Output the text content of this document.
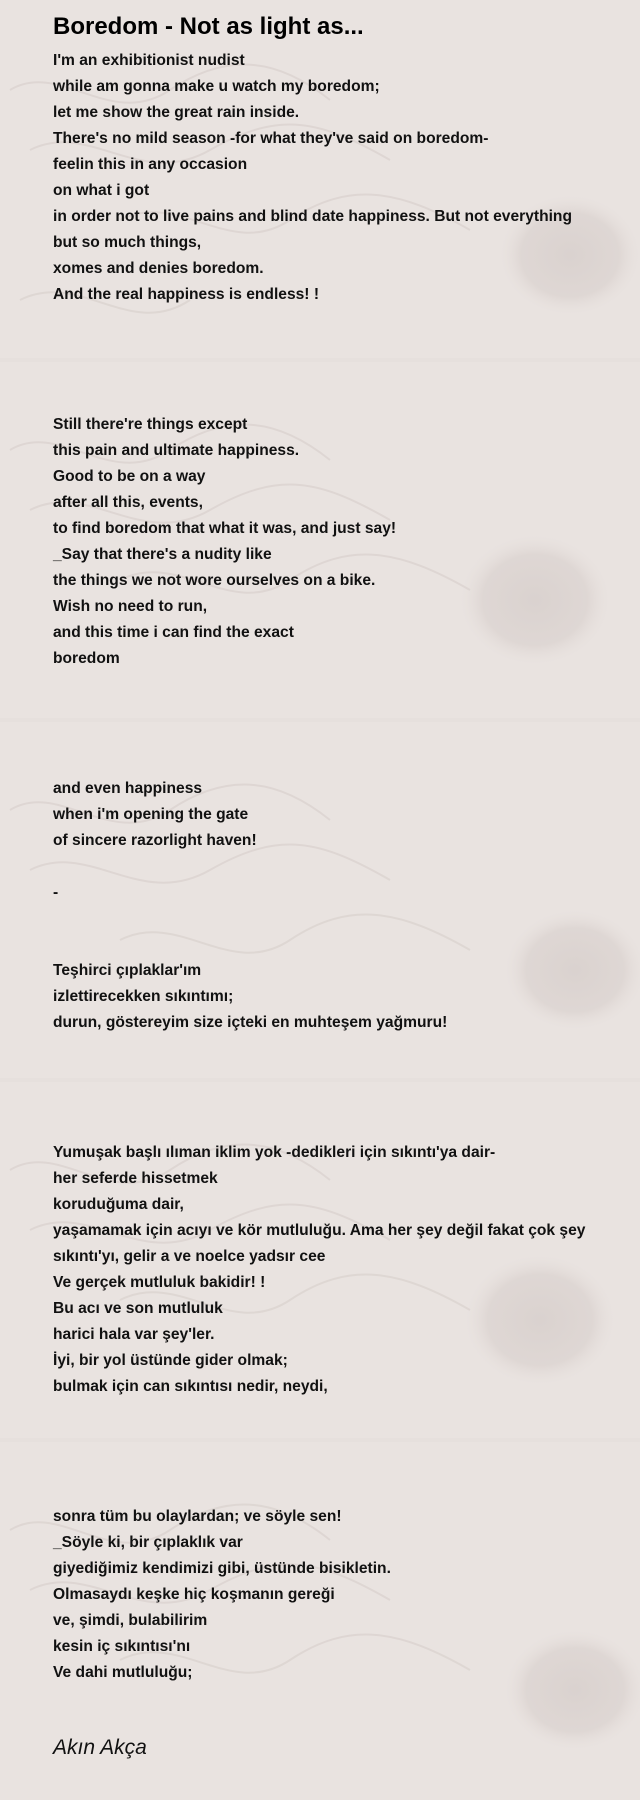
Boredom - Not as light as...
I'm an exhibitionist nudist
while am gonna make u watch my boredom;
let me show the great rain inside.
There's no mild season -for what they've said on boredom-
feelin this in any occasion
on what i got
in order not to live pains and blind date happiness. But not everything
but so much things,
xomes and denies boredom.
And the real happiness is endless! !
Still there're things except
this pain and ultimate happiness.
Good to be on a way
after all this, events,
to find boredom that what it was, and just say!
_Say that there's a nudity like
the things we not wore ourselves on a bike.
Wish no need to run,
and this time i can find the exact
boredom
and even happiness
when i'm opening the gate
of sincere razorlight haven!
-
Teşhirci çıplaklar'ım
izlettirecekken sıkıntımı;
durun, göstereyim size içteki en muhteşem yağmuru!
Yumuşak başlı ılıman iklim yok -dedikleri için sıkıntı'ya dair-
her seferde hissetmek
koruduğuma dair,
yaşamamak için acıyı ve kör mutluluğu. Ama her şey değil fakat çok şey
sıkıntı'yı, gelir a ve noelce yadsır cee
Ve gerçek mutluluk bakidir! !
Bu acı ve son mutluluk
harici hala var şey'ler.
İyi, bir yol üstünde gider olmak;
bulmak için can sıkıntısı nedir, neydi,
sonra tüm bu olaylardan; ve söyle sen!
_Söyle ki, bir çıplaklık var
giyediğimiz kendimizi gibi, üstünde bisikletin.
Olmasaydı keşke hiç koşmanın gereği
ve, şimdi, bulabilirim
kesin iç sıkıntısı'nı
Ve dahi mutluluğu;
Akın Akça
